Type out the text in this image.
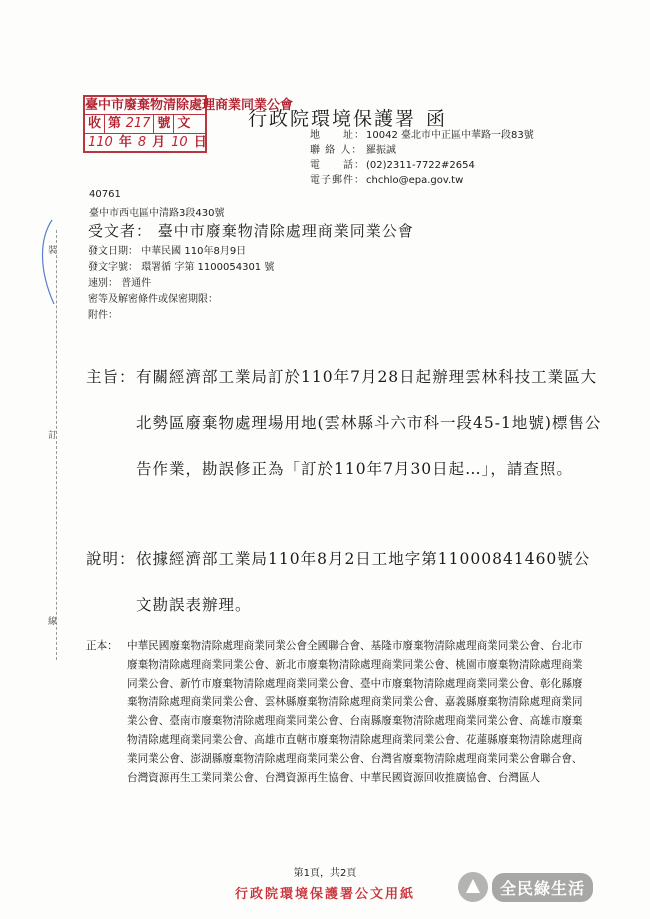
裝
訂
線
臺中市廢棄物清除處理商業同業公會
收 第 217 號 文
110 年 8 月 10 日
行政院環境保護署 函
地　　址： 10042 臺北市中正區中華路一段83號
聯 絡 人： 羅振誠
電　　話： (02)2311-7722#2654
電子郵件： chchlo@epa.gov.tw
40761
臺中市西屯區中清路3段430號
受文者： 臺中市廢棄物清除處理商業同業公會
發文日期： 中華民國 110年8月9日
發文字號： 環署循 字第 1100054301 號
速別： 普通件
密等及解密條件或保密期限：
附件：
主旨： 有關經濟部工業局訂於110年7月28日起辦理雲林科技工業區大北勢區廢棄物處理場用地(雲林縣斗六市科一段45-1地號)標售公告作業，勘誤修正為「訂於110年7月30日起…」，請查照。
說明： 依據經濟部工業局110年8月2日工地字第11000841460號公文勘誤表辦理。
正本： 中華民國廢棄物清除處理商業同業公會全國聯合會、基隆市廢棄物清除處理商業同業公會、台北市廢棄物清除處理商業同業公會、新北市廢棄物清除處理商業同業公會、桃園市廢棄物清除處理商業同業公會、新竹市廢棄物清除處理商業同業公會、臺中市廢棄物清除處理商業同業公會、彰化縣廢棄物清除處理商業同業公會、雲林縣廢棄物清除處理商業同業公會、嘉義縣廢棄物清除處理商業同業公會、臺南市廢棄物清除處理商業同業公會、台南縣廢棄物清除處理商業同業公會、高雄市廢棄物清除處理商業同業公會、高雄市直轄市廢棄物清除處理商業同業公會、花蓮縣廢棄物清除處理商業同業公會、澎湖縣廢棄物清除處理商業同業公會、台灣省廢棄物清除處理商業同業公會聯合會、台灣資源再生工業同業公會、台灣資源再生協會、中華民國資源回收推廣協會、台灣區人
第1頁，共2頁
行政院環境保護署公文用紙	全民綠生活
